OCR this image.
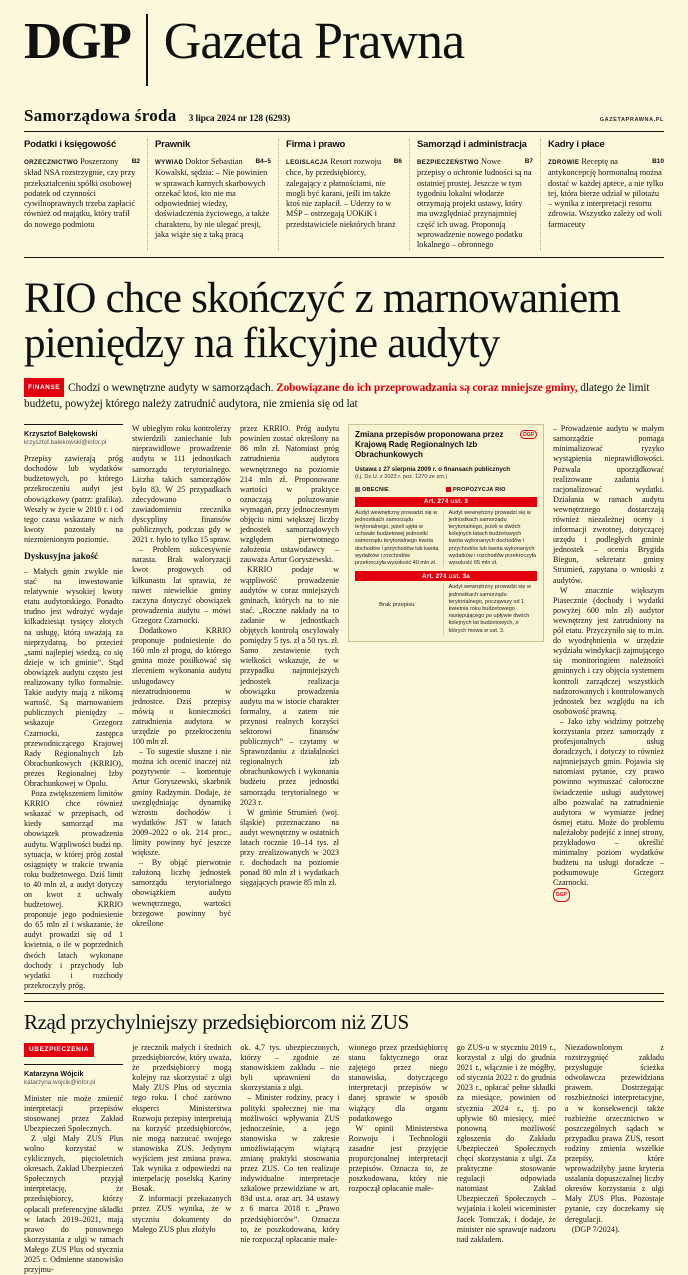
DGP Gazeta Prawna
Samorządowa środa 3 lipca 2024 nr 128 (6293)	GAZETAPRAWNA.PL
Podatki i księgowość
B2
ORZECZNICTWO Poszerzony skład NSA rozstrzygnie, czy przy przekształceniu spółki osobowej podatek od czynności cywilnoprawnych trzeba zapłacić również od majątku, który trafił do nowego podmiotu
Prawnik
B4–5
WYWIAD Doktor Sebastian Kowalski, sędzia: – Nie powinien w sprawach karnych skarbowych orzekać ktoś, kto nie ma odpowiedniej wiedzy, doświadczenia życiowego, a także charakteru, by nie ulegać presji, jaka wiąże się z taką pracą
Firma i prawo
B6
LEGISLACJA Resort rozwoju chce, by przedsiębiorcy, zalegający z płatnościami, nie mogli być karani, jeśli im także ktoś nie zapłacił. – Uderzy to w MŚP – ostrzegają UOKiK i przedstawiciele niektórych branż
Samorząd i administracja
B7
BEZPIECZEŃSTWO Nowe przepisy o ochronie ludności są na ostatniej prostej. Jeszcze w tym tygodniu lokalni włodarze otrzymają projekt ustawy, który ma uwzględniać przynajmniej część ich uwag. Proponują wprowadzenie nowego podatku lokalnego – obronnego
Kadry i płace
B10
ZDROWIE Receptę na antykoncepcję hormonalną można dostać w każdej aptece, a nie tylko tej, która bierze udział w pilotażu – wynika z interpretacji resortu zdrowia. Wszystko zależy od woli farmaceuty
RIO chce skończyć z marnowaniem pieniędzy na fikcyjne audyty
FINANSE Chodzi o wewnętrzne audyty w samorządach. Zobowiązane do ich przeprowadzania są coraz mniejsze gminy, dlatego że limit budżetu, powyżej którego należy zatrudnić audytora, nie zmienia się od lat
Krzysztof Bałękowski
krzysztof.balekowski@infor.pl

Przepisy zawierają próg dochodów lub wydatków budżetowych, po którego przekroczeniu audyt jest obowiązkowy (patrz: grafika). Weszły w życie w 2010 r. i od tego czasu wskazane w nich kwoty pozostały na niezmienionym poziomie.

Dyskusyjna jakość

– Małych gmin zwykle nie stać na inwestowanie relatywnie wysokiej kwoty etatu audytorskiego. Ponadto trudno jest wdrożyć wydaje kilkadziesiąt tysięcy złotych na usługę, którą uważają za nieprzydatną, bo przecież „sami najlepiej wiedzą, co się dzieje w ich gminie”. Stąd obowiązek audytu często jest realizowany tylko formalnie. Takie audyty mają z nikomą wartość. Są marnowaniem publicznych pieniędzy – wskazuje Grzegorz Czarnocki, zastępca przewodniczącego Krajowej Rady Regionalnych Izb Obrachunkowych (KRRIO), prezes Regionalnej Izby Obrachunkowej w Opolu.

Poza zwiększeniem limitów KRRIO chce również wskazać w przepisach, od kiedy samorząd ma obowiązek prowadzenia audytu. Wątpliwości budzi np. sytuacja, w której próg został osiągnięty w trakcie trwania roku budżetowego. Dziś limit to 40 mln zł, a audyt dotyczy on kwot z uchwały budżetowej. KRRIO proponuje jego podniesienie do 65 mln zł i wskazanie, że audyt prowadzi się od 1 kwietnia, o ile w poprzednich dwóch latach wykonane dochody i przychody lub wydatki i rozchody przekroczyły próg.

W ubiegłym roku kontrolerzy stwierdzili zaniechanie lub nieprawidłowe prowadzenie audytu w 111 jednostkach samorządu terytorialnego. Liczba takich samorządów było 83. W 25 przypadkach zdecydowano o zawiadomieniu rzecznika dyscypliny finansów publicznych, podczas gdy w 2021 r. było to tylko 15 spraw.

– Problem sukcesywnie narasta. Brak waloryzacji kwot progowych od kilkunastu lat sprawia, że nawet niewielkie gminy zaczyna dotyczyć obowiązek prowadzenia audytu – mówi Grzegorz Czarnocki.

Dodatkowo KRRIO proponuje podniesienie do 160 mln zł progu, do którego gmina może posiłkować się zleceniem wykonania audytu usługodawcy niezatrudnionemu w jednostce. Dziś przepisy mówią o konieczności zatrudnienia audytora w urzędzie po przekroczeniu 100 mln zł.

– To sugestie słuszne i nie można ich ocenić inaczej niż pozytywnie – komentuje Artur Goryszewski, skarbnik gminy Radzymin. Dodaje, że uwzględniając dynamikę wzrostu dochodów i wydatków JST w latach 2009–2022 o ok. 214 proc., limity powinny być jeszcze większe.

– By objąć pierwotnie założoną liczbę jednostek samorządu terytorialnego obowiązkiem audytu wewnętrznego, wartości brzegowe powinny być określone

przez KRRIO. Próg audytu powinien zostać określony na 86 mln zł. Natomiast próg zatrudnienia audytora wewnętrznego na poziomie 214 mln zł. Proponowane wartości w praktyce oznaczają poluzowanie wymagań, przy jednoczesnym objęciu nimi większej liczby jednostek samorządowych względem pierwotnego założenia ustawodawcy – zauważa Artur Goryszewski.

KRRIO podaje w wątpliwość prowadzenie audytów w coraz mniejszych gminach, których na to nie stać. „Roczne nakłady na to zadanie w jednostkach objętych kontrolą oscylowały pomiędzy 5 tys. zł a 50 tys. zł. Samo zestawienie tych wielkości wskazuje, że w przypadku najmniejszych jednostek realizacja obowiązku prowadzenia audytu ma w istocie charakter formalny, a zatem nie przynosi realnych korzyści sektorowi finansów publicznych” – czytamy w Sprawozdaniu z działalności regionalnych izb obrachunkowych i wykonania budżetu przez jednostki samorządu terytorialnego w 2023 r.

W gminie Strumień (woj. śląskie) przeznaczano na audyt wewnętrzny w ostatnich latach rocznie 10–14 tys. zł przy zrealizowanych w 2023 r. dochodach na poziomie ponad 80 mln zł i wydatkach sięgających prawie 85 mln zł.

DGP
Zmiana przepisów proponowana przez
Krajową Radę Regionalnych Izb Obrachunkowych
Ustawa z 27 sierpnia 2009 r. o finansach publicznych
(t.j. Dz.U. z 2023 r. poz. 1270 ze zm.)
OBECNIE	PROPOZYCJA RIO
Art. 274 ust. 3
Audyt wewnętrzny prowadzi się w jednostkach samorządu terytorialnego, jeżeli ujęta w uchwale budżetowej jednostki samorządu terytorialnego kwota dochodów i przychodów lub kwota wydatków i rozchodów przekroczyła wysokość 40 mln zł.
Audyt wewnętrzny prowadzi się w jednostkach samorządu terytorialnego, jeżeli w dwóch kolejnych latach budżetowych kwota wykonanych dochodów i przychodów lub kwota wykonanych wydatków i rozchodów przekroczyła wysokość 65 mln zł.
Art. 274 ust. 3a
Brak przepisu
Audyt wewnętrzny prowadzi się w jednostkach samorządu terytorialnego, począwszy od 1 kwietnia roku budżetowego następującego po upływie dwóch kolejnych lat budżetowych, o których mowa w ust. 3.

– Prowadzenie audytu w małym samorządzie pomaga minimalizować ryzyko wystąpienia nieprawidłowości. Pozwala uporządkować realizowane zadania i racjonalizować wydatki. Działania w ramach audytu wewnętrznego dostarczają również niezależnej oceny i informacji zwrotnej, dotyczącej urzędu i podległych gminie jednostek – ocenia Brygida Biegun, sekretarz gminy Strumień, zapytana o wnioski z audytów.

W znacznie większym Piasecznie (dochody i wydatki powyżej 600 mln zł) audytor wewnętrzny jest zatrudniony na pół etatu. Przyczyniło się to m.in. do wyodrębnienia w urzędzie wydziału windykacji zajmującego się monitoringiem należności gminnych i czy objęcia systemem kontroli zarządczej wszystkich nadzorowanych i kontrolowanych jednostek bez względu na ich osobowość prawną.

– Jako izby widzimy potrzebę korzystania przez samorządy z profesjonalnych usług doradczych, i dotyczy to również najmniejszych gmin. Pojawia się natomiast pytanie, czy prawo powinno wymuszać całoroczne świadczenie usługi audytowej albo pozwalać na zatrudnienie audytora w wymiarze jednej ósmej etatu. Może do problemu należałoby podejść z innej strony, przykładowo – określić minimalny poziom wydatków budżetu na usługi doradcze – podsumowuje Grzegorz Czarnocki.

DGP
Rząd przychylniejszy przedsiębiorcom niż ZUS
UBEZPIECZENIA
Katarzyna Wójcik
katarzyna.wojcik@infor.pl

Minister nie może zmienić interpretacji przepisów stosowanej przez Zakład Ubezpieczeń Społecznych.

Z ulgi Mały ZUS Plus wolno korzystać w cyklicznych, pięcioletnich okresach. Zakład Ubezpieczeń Społecznych przyjął interpretację, że przedsiębiorcy, którzy opłacali preferencyjne składki w latach 2019–2021, mają prawo do ponownego skorzystania z ulgi w ramach Małego ZUS Plus od stycznia 2025 r. Odmienne stanowisko przyjmu-

je rzecznik małych i średnich przedsiębiorców, który uważa, że przedsiębiorcy mogą kolejny raz skorzystać z ulgi Mały ZUS Plus od stycznia tego roku. I choć zarówno eksperci Ministerstwa Rozwoju przepisy interpretują na korzyść przedsiębiorców, nie mogą narzucać swojego stanowiska ZUS. Jedynym wyjściem jest zmiana prawa. Tak wynika z odpowiedzi na interpelację poselską Kariny Bosak.

Z informacji przekazanych przez ZUS wynika, że w styczniu dokumenty do Małego ZUS plus złożyło

ok. 4,7 tys. ubezpieczonych, którzy – zgodnie ze stanowiskiem zakładu – nie byli uprawnieni do skorzystania z ulgi.

– Minister rodziny, pracy i polityki społecznej nie ma możliwości wpływania ZUS jednocześnie, a jego stanowiska w zakresie umożliwiającym wiążącą zmianę praktyki stosowania przez ZUS. Co ten realizuje indywidualne interpretacje szkalowe przewidziane w art. 83d ust.a. oraz art. 34 ustawy z 6 marca 2018 r. „Prawo przedsiębiorców”. Oznacza to, że poszkodowana, który nie rozpoczął opłacanie małe-

wionego przez przedsiębiorcę stanu faktycznego oraz zajętego przez niego stanowiska, dotyczącego interpretacji przepisów w danej sprawie w sposób wiążący dla organu podatkowego

W opinii Ministerstwa Rozwoju i Technologii zasadne jest przyjęcie proporcjonalnej interpretacji przepisów. Oznacza to, że poszkodowana, który nie rozpoczął opłacanie małe-

go ZUS-u w styczniu 2019 r., korzystał z ulgi do grudnia 2021 r., włącznie i że mógłby, od stycznia 2022 r. do grudnia 2023 r., opłacać pełne składki za miesiące, powinien od stycznia 2024 r., tj. po upływie 60 miesięcy, mieć ponowną możliwość zgłoszenia do Zakładu Ubezpieczeń Społecznych chęci skorzystania z ulgi. Za praktyczne stosowanie regulacji odpowiada natomiast Zakład Ubezpieczeń Społecznych – wyjaśnia i koleii wiceminister Jacek Tomczak, i dodaje, że minister nie sprawuje nadzoru nad zakładem.

Niezadowolonym z rozstrzygnięć zakładu przysługuje ścieżka odwoławcza przewidziana prawem. Dostrzegając roszbieżności interpretacyjne, a w konsekwencji także rozbieżne orzecznictwo w poszczególnych sądach w przypadku prawa ZUS, resort rodziny zmienia wszelkie przepisy, które wprowadziłyby jasne kryteria ustalania dopuszczalnej liczby okresów korzystania z ulgi Mały ZUS Plus. Pozostaje pytanie, czy doczekamy się deregulacji.

(DGP 7/2024).
